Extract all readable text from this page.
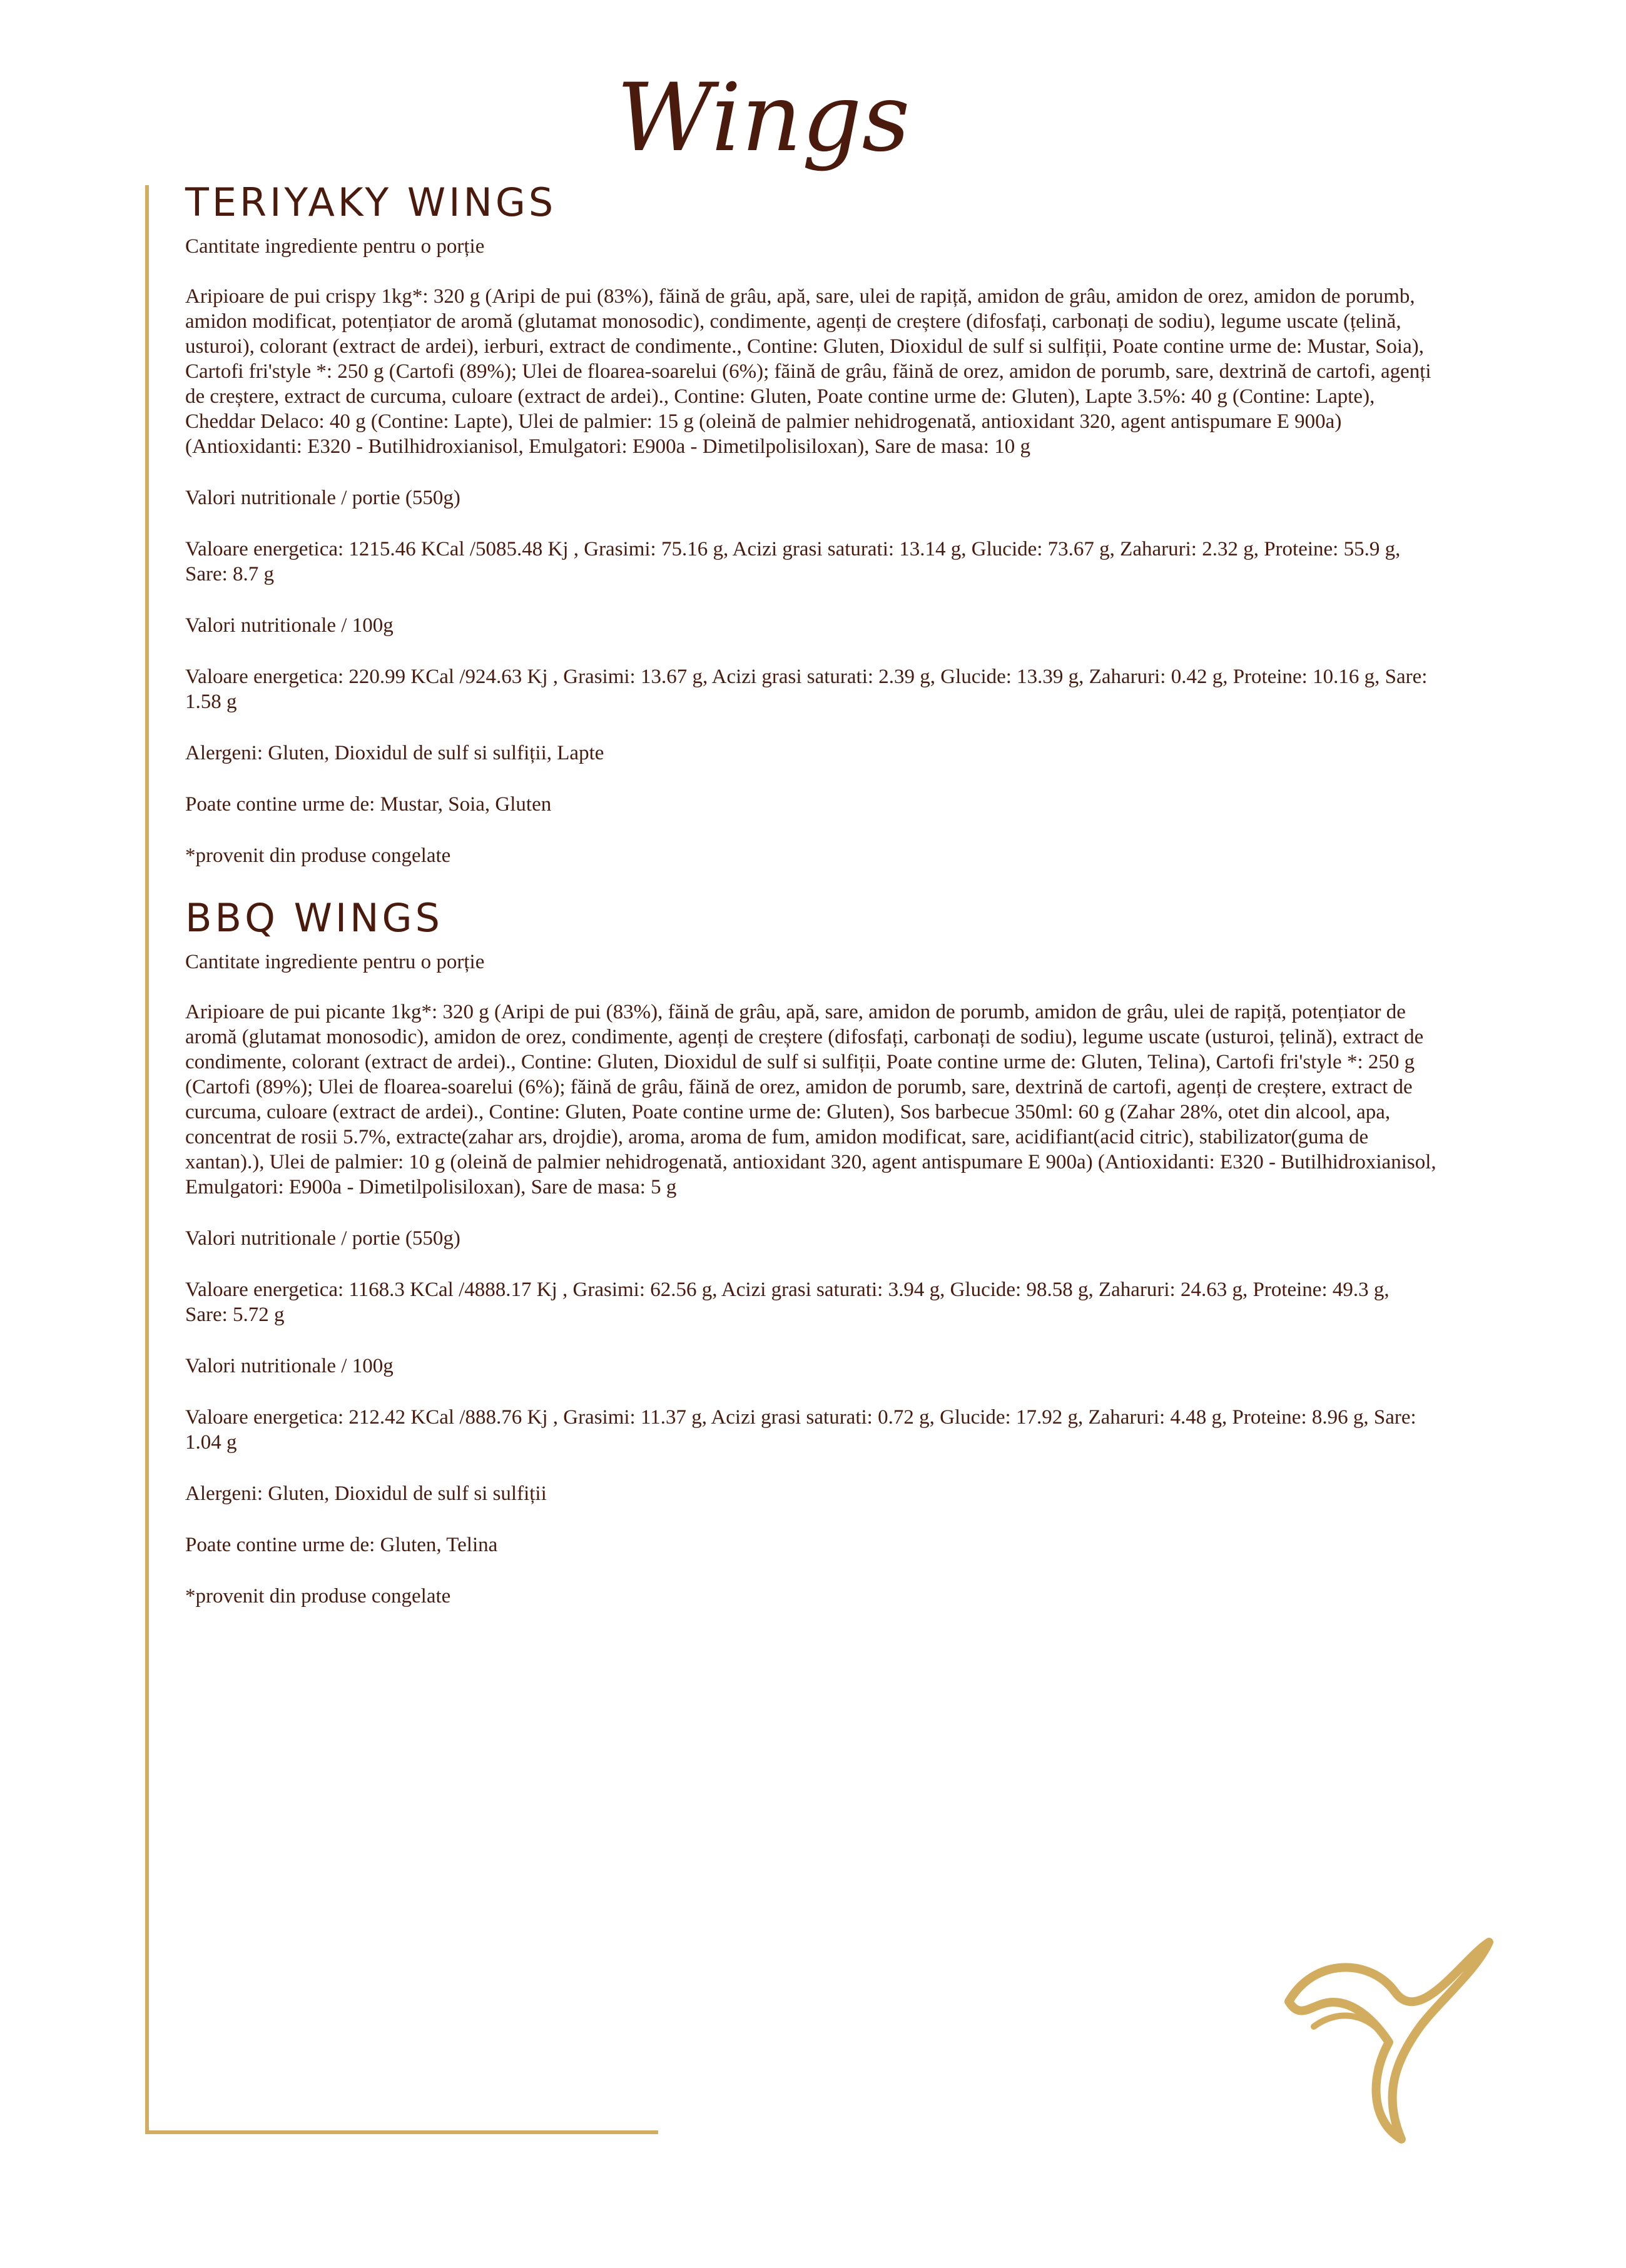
Wings
TERIYAKY WINGS

Cantitate ingrediente pentru o porție

Aripioare de pui crispy 1kg*: 320 g (Aripi de pui (83%), făină de grâu, apă, sare, ulei de rapiță, amidon de grâu, amidon de orez, amidon de porumb, amidon modificat, potențiator de aromă (glutamat monosodic), condimente, agenți de creștere (difosfați, carbonați de sodiu), legume uscate (țelină, usturoi), colorant (extract de ardei), ierburi, extract de condimente., Contine: Gluten, Dioxidul de sulf si sulfiții, Poate contine urme de: Mustar, Soia), Cartofi fri'style *: 250 g (Cartofi (89%); Ulei de floarea-soarelui (6%); făină de grâu, făină de orez, amidon de porumb, sare, dextrină de cartofi, agenți de creștere, extract de curcuma, culoare (extract de ardei)., Contine: Gluten, Poate contine urme de: Gluten), Lapte 3.5%: 40 g (Contine: Lapte), Cheddar Delaco: 40 g (Contine: Lapte), Ulei de palmier: 15 g (oleină de palmier nehidrogenată, antioxidant 320, agent antispumare E 900a) (Antioxidanti: E320 - Butilhidroxianisol, Emulgatori: E900a - Dimetilpolisiloxan), Sare de masa: 10 g

Valori nutritionale / portie (550g)

Valoare energetica: 1215.46 KCal /5085.48 Kj , Grasimi: 75.16 g, Acizi grasi saturati: 13.14 g, Glucide: 73.67 g, Zaharuri: 2.32 g, Proteine: 55.9 g, Sare: 8.7 g

Valori nutritionale / 100g

Valoare energetica: 220.99 KCal /924.63 Kj , Grasimi: 13.67 g, Acizi grasi saturati: 2.39 g, Glucide: 13.39 g, Zaharuri: 0.42 g, Proteine: 10.16 g, Sare: 1.58 g

Alergeni: Gluten, Dioxidul de sulf si sulfiții, Lapte

Poate contine urme de: Mustar, Soia, Gluten

*provenit din produse congelate

BBQ WINGS

Cantitate ingrediente pentru o porție

Aripioare de pui picante 1kg*: 320 g (Aripi de pui (83%), făină de grâu, apă, sare, amidon de porumb, amidon de grâu, ulei de rapiță, potențiator de aromă (glutamat monosodic), amidon de orez, condimente, agenți de creștere (difosfați, carbonați de sodiu), legume uscate (usturoi, țelină), extract de condimente, colorant (extract de ardei)., Contine: Gluten, Dioxidul de sulf si sulfiții, Poate contine urme de: Gluten, Telina), Cartofi fri'style *: 250 g (Cartofi (89%); Ulei de floarea-soarelui (6%); făină de grâu, făină de orez, amidon de porumb, sare, dextrină de cartofi, agenți de creștere, extract de curcuma, culoare (extract de ardei)., Contine: Gluten, Poate contine urme de: Gluten), Sos barbecue 350ml: 60 g (Zahar 28%, otet din alcool, apa, concentrat de rosii 5.7%, extracte(zahar ars, drojdie), aroma, aroma de fum, amidon modificat, sare, acidifiant(acid citric), stabilizator(guma de xantan).), Ulei de palmier: 10 g (oleină de palmier nehidrogenată, antioxidant 320, agent antispumare E 900a) (Antioxidanti: E320 - Butilhidroxianisol, Emulgatori: E900a - Dimetilpolisiloxan), Sare de masa: 5 g

Valori nutritionale / portie (550g)

Valoare energetica: 1168.3 KCal /4888.17 Kj , Grasimi: 62.56 g, Acizi grasi saturati: 3.94 g, Glucide: 98.58 g, Zaharuri: 24.63 g, Proteine: 49.3 g, Sare: 5.72 g

Valori nutritionale / 100g

Valoare energetica: 212.42 KCal /888.76 Kj , Grasimi: 11.37 g, Acizi grasi saturati: 0.72 g, Glucide: 17.92 g, Zaharuri: 4.48 g, Proteine: 8.96 g, Sare: 1.04 g

Alergeni: Gluten, Dioxidul de sulf si sulfiții

Poate contine urme de: Gluten, Telina

*provenit din produse congelate
